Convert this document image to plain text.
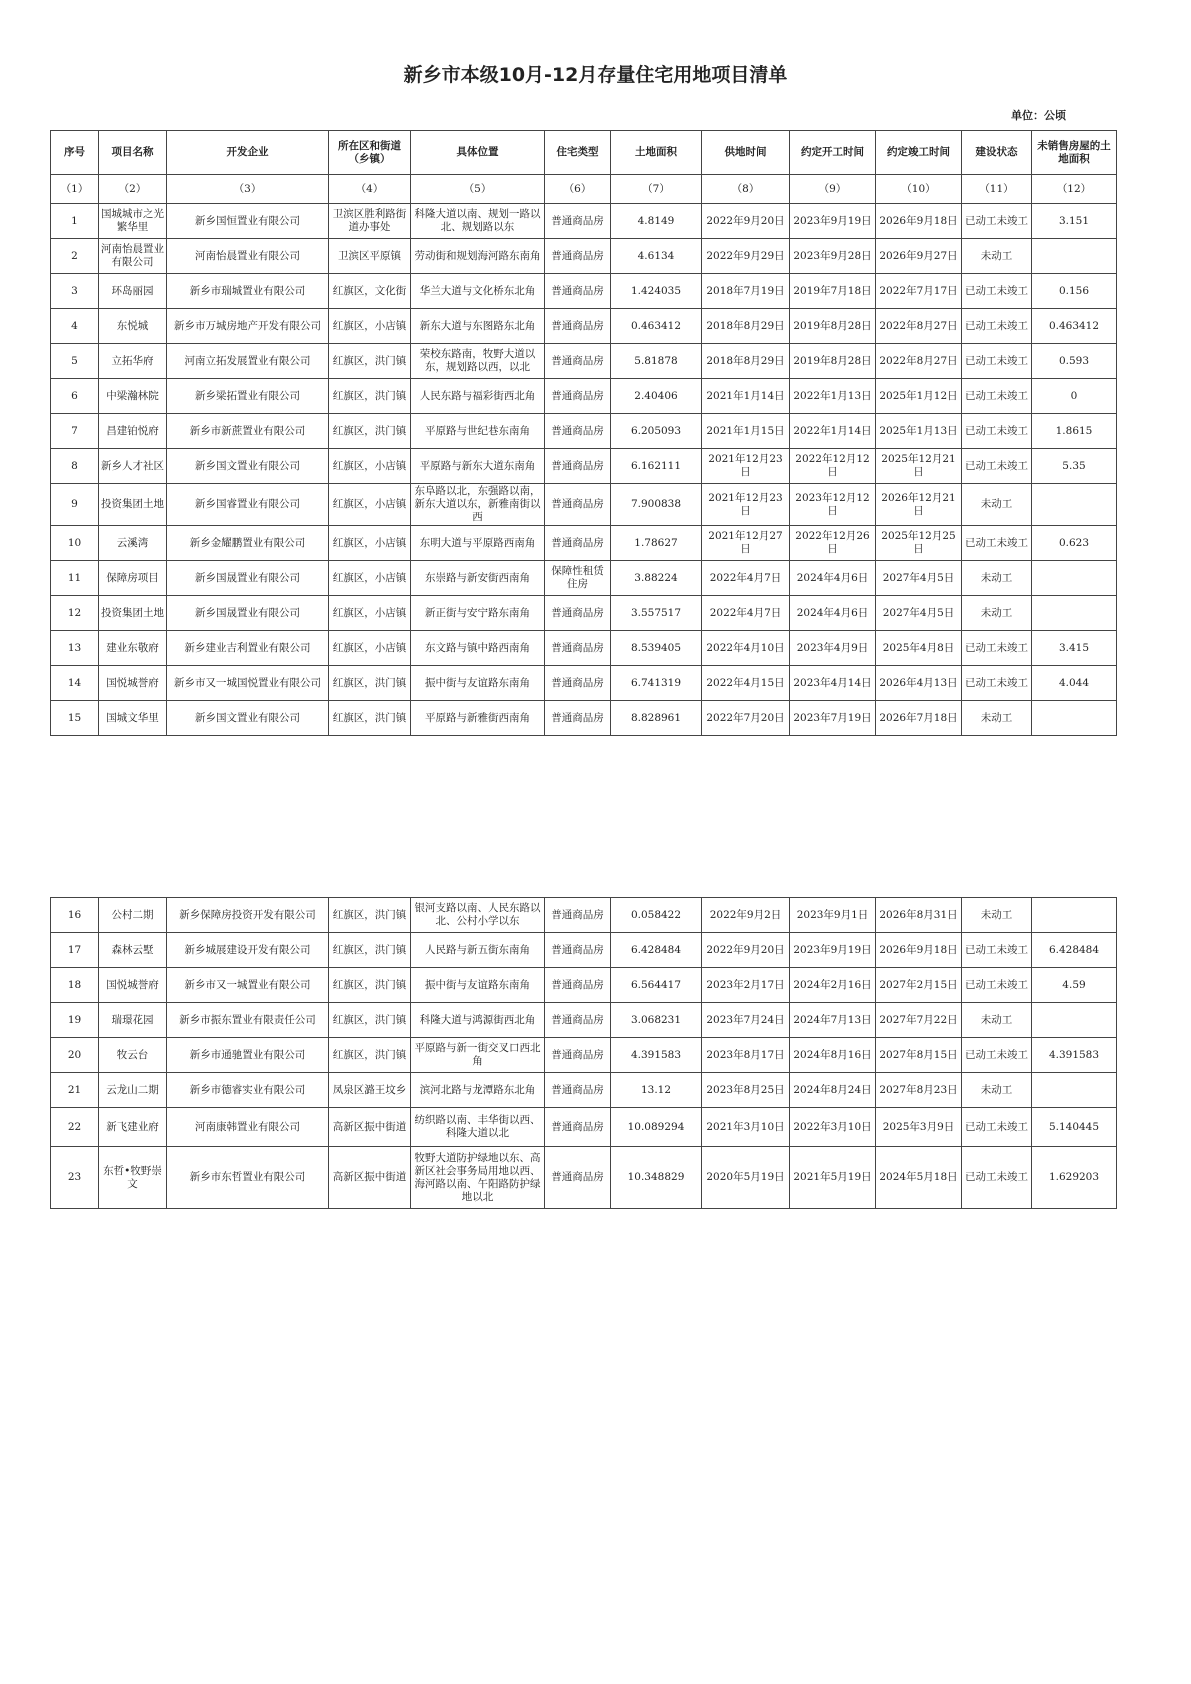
新乡市本级10月-12月存量住宅用地项目清单
单位：公顷
序号	项目名称	开发企业	所在区和街道（乡镇）	具体位置	住宅类型	土地面积	供地时间	约定开工时间	约定竣工时间	建设状态	未销售房屋的土地面积
（1）	（2）	（3）	（4）	（5）	（6）	（7）	（8）	（9）	（10）	（11）	（12）
1	国城城市之光繁华里	新乡国恒置业有限公司	卫滨区胜利路街道办事处	科隆大道以南、规划一路以北、规划路以东	普通商品房	4.8149	2022年9月20日	2023年9月19日	2026年9月18日	已动工未竣工	3.151
2	河南怡晨置业有限公司	河南怡晨置业有限公司	卫滨区平原镇	劳动街和规划海河路东南角	普通商品房	4.6134	2022年9月29日	2023年9月28日	2026年9月27日	未动工	
3	环岛丽园	新乡市瑞城置业有限公司	红旗区，文化街	华兰大道与文化桥东北角	普通商品房	1.424035	2018年7月19日	2019年7月18日	2022年7月17日	已动工未竣工	0.156
4	东悦城	新乡市万城房地产开发有限公司	红旗区，小店镇	新东大道与东图路东北角	普通商品房	0.463412	2018年8月29日	2019年8月28日	2022年8月27日	已动工未竣工	0.463412
5	立拓华府	河南立拓发展置业有限公司	红旗区，洪门镇	荣校东路南，牧野大道以东，规划路以西，以北	普通商品房	5.81878	2018年8月29日	2019年8月28日	2022年8月27日	已动工未竣工	0.593
6	中梁瀚林院	新乡梁拓置业有限公司	红旗区，洪门镇	人民东路与福彩街西北角	普通商品房	2.40406	2021年1月14日	2022年1月13日	2025年1月12日	已动工未竣工	0
7	昌建铂悦府	新乡市新蔗置业有限公司	红旗区，洪门镇	平原路与世纪巷东南角	普通商品房	6.205093	2021年1月15日	2022年1月14日	2025年1月13日	已动工未竣工	1.8615
8	新乡人才社区	新乡国文置业有限公司	红旗区，小店镇	平原路与新东大道东南角	普通商品房	6.162111	2021年12月23日	2022年12月12日	2025年12月21日	已动工未竣工	5.35
9	投资集团土地	新乡国睿置业有限公司	红旗区，小店镇	东阜路以北，东强路以南，新东大道以东，新雅南街以西	普通商品房	7.900838	2021年12月23日	2023年12月12日	2026年12月21日	未动工	
10	云溪湾	新乡金耀鹏置业有限公司	红旗区，小店镇	东明大道与平原路西南角	普通商品房	1.78627	2021年12月27日	2022年12月26日	2025年12月25日	已动工未竣工	0.623
11	保障房项目	新乡国晟置业有限公司	红旗区，小店镇	东崇路与新安街西南角	保障性租赁住房	3.88224	2022年4月7日	2024年4月6日	2027年4月5日	未动工	
12	投资集团土地	新乡国晟置业有限公司	红旗区，小店镇	新正街与安宁路东南角	普通商品房	3.557517	2022年4月7日	2024年4月6日	2027年4月5日	未动工	
13	建业东敬府	新乡建业吉利置业有限公司	红旗区，小店镇	东文路与镇中路西南角	普通商品房	8.539405	2022年4月10日	2023年4月9日	2025年4月8日	已动工未竣工	3.415
14	国悦城誉府	新乡市又一城国悦置业有限公司	红旗区，洪门镇	振中街与友谊路东南角	普通商品房	6.741319	2022年4月15日	2023年4月14日	2026年4月13日	已动工未竣工	4.044
15	国城文华里	新乡国文置业有限公司	红旗区，洪门镇	平原路与新雅街西南角	普通商品房	8.828961	2022年7月20日	2023年7月19日	2026年7月18日	未动工	
16	公村二期	新乡保障房投资开发有限公司	红旗区，洪门镇	银河支路以南、人民东路以北、公村小学以东	普通商品房	0.058422	2022年9月2日	2023年9月1日	2026年8月31日	未动工	
17	森林云墅	新乡城展建设开发有限公司	红旗区，洪门镇	人民路与新五街东南角	普通商品房	6.428484	2022年9月20日	2023年9月19日	2026年9月18日	已动工未竣工	6.428484
18	国悦城誉府	新乡市又一城置业有限公司	红旗区，洪门镇	振中街与友谊路东南角	普通商品房	6.564417	2023年2月17日	2024年2月16日	2027年2月15日	已动工未竣工	4.59
19	瑞璟花园	新乡市振东置业有限责任公司	红旗区，洪门镇	科隆大道与鸿源街西北角	普通商品房	3.068231	2023年7月24日	2024年7月13日	2027年7月22日	未动工	
20	牧云台	新乡市通驰置业有限公司	红旗区，洪门镇	平原路与新一街交叉口西北角	普通商品房	4.391583	2023年8月17日	2024年8月16日	2027年8月15日	已动工未竣工	4.391583
21	云龙山二期	新乡市德睿实业有限公司	凤泉区潞王坟乡	滨河北路与龙潭路东北角	普通商品房	13.12	2023年8月25日	2024年8月24日	2027年8月23日	未动工	
22	新飞建业府	河南康韩置业有限公司	高新区振中街道	纺织路以南、丰华街以西、科隆大道以北	普通商品房	10.089294	2021年3月10日	2022年3月10日	2025年3月9日	已动工未竣工	5.140445
23	东哲•牧野崇文	新乡市东哲置业有限公司	高新区振中街道	牧野大道防护绿地以东、高新区社会事务局用地以西、海河路以南、午阳路防护绿地以北	普通商品房	10.348829	2020年5月19日	2021年5月19日	2024年5月18日	已动工未竣工	1.629203
